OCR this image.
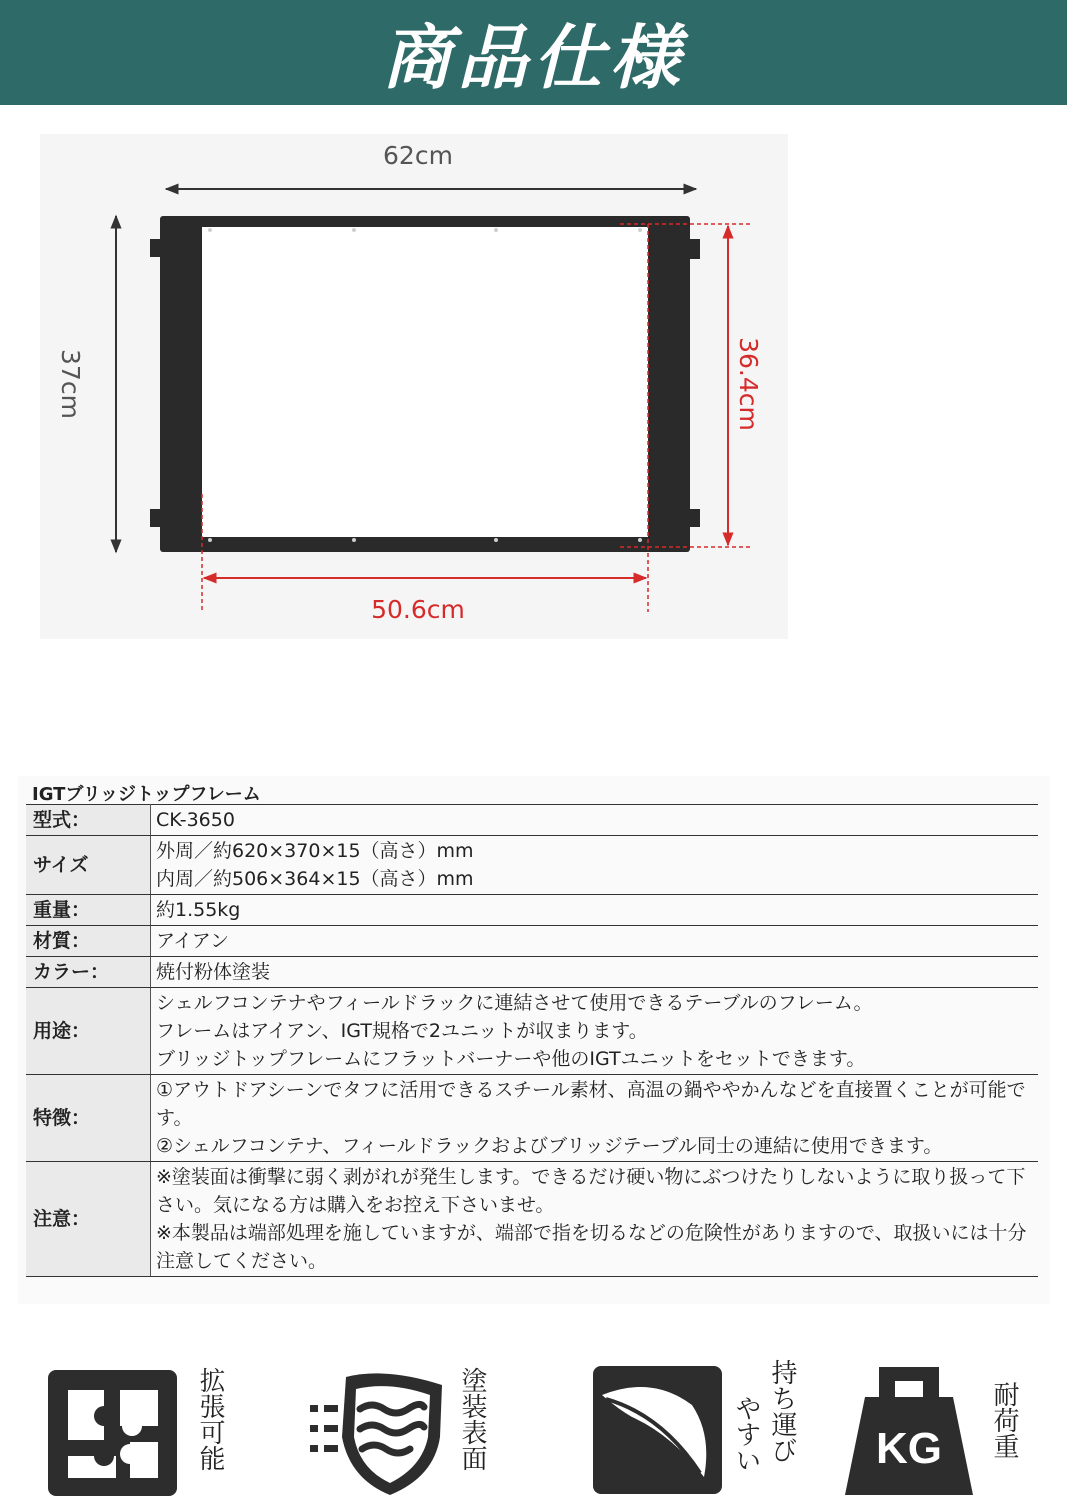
商品仕様
62cm
37cm	36.4cm
50.6cm
IGTブリッジトップフレーム
型式：	CK-3650

サイズ	外周／約620×370×15（高さ）mm
内周／約506×364×15（高さ）mm

重量：	約1.55kg

材質：	アイアン

カラー：	焼付粉体塗装

用途：	シェルフコンテナやフィールドラックに連結させて使用できるテーブルのフレーム。
フレームはアイアン、IGT規格で2ユニットが収まります。
ブリッジトップフレームにフラットバーナーや他のIGTユニットをセットできます。

特徴：	①アウトドアシーンでタフに活用できるスチール素材、高温の鍋ややかんなどを直接置くことが可能で
す。
②シェルフコンテナ、フィールドラックおよびブリッジテーブル同士の連結に使用できます。

注意：	※塗装面は衝撃に弱く剥がれが発生します。できるだけ硬い物にぶつけたりしないように取り扱って下
さい。気になる方は購入をお控え下さいませ。
※本製品は端部処理を施していますが、端部で指を切るなどの危険性がありますので、取扱いには十分
注意してください。
拡張可能	塗装表面	持ち運び
やすい	KG 耐荷重
